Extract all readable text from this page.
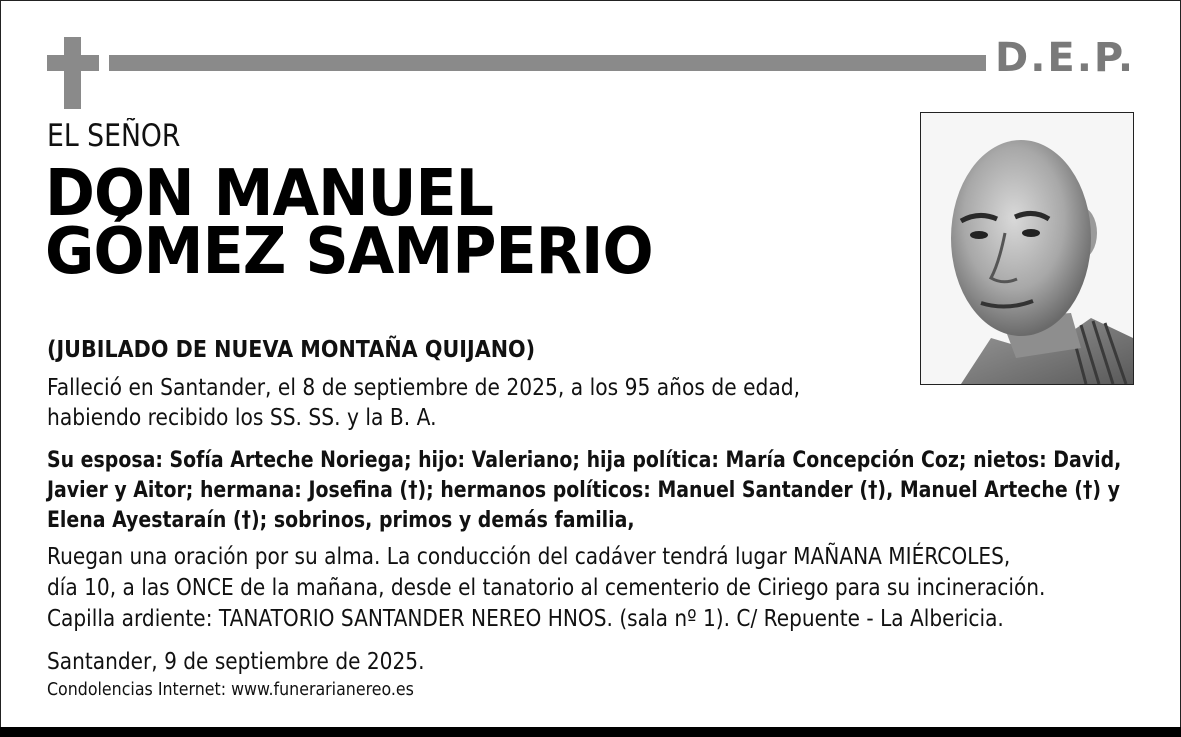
D.E.P.
EL SEÑOR
DON MANUEL
GÓMEZ SAMPERIO
(JUBILADO DE NUEVA MONTAÑA QUIJANO)
Falleció en Santander, el 8 de septiembre de 2025, a los 95 años de edad,
habiendo recibido los SS. SS. y la B. A.
Su esposa: Sofía Arteche Noriega; hijo: Valeriano; hija política: María Concepción Coz; nietos: David,
Javier y Aitor; hermana: Josefina (†); hermanos políticos: Manuel Santander (†), Manuel Arteche (†) y
Elena Ayestaraín (†); sobrinos, primos y demás familia,
Ruegan una oración por su alma. La conducción del cadáver tendrá lugar MAÑANA MIÉRCOLES,
día 10, a las ONCE de la mañana, desde el tanatorio al cementerio de Ciriego para su incineración.
Capilla ardiente: TANATORIO SANTANDER NEREO HNOS. (sala nº 1). C/ Repuente - La Albericia.
Santander, 9 de septiembre de 2025.
Condolencias Internet: www.funerarianereo.es
